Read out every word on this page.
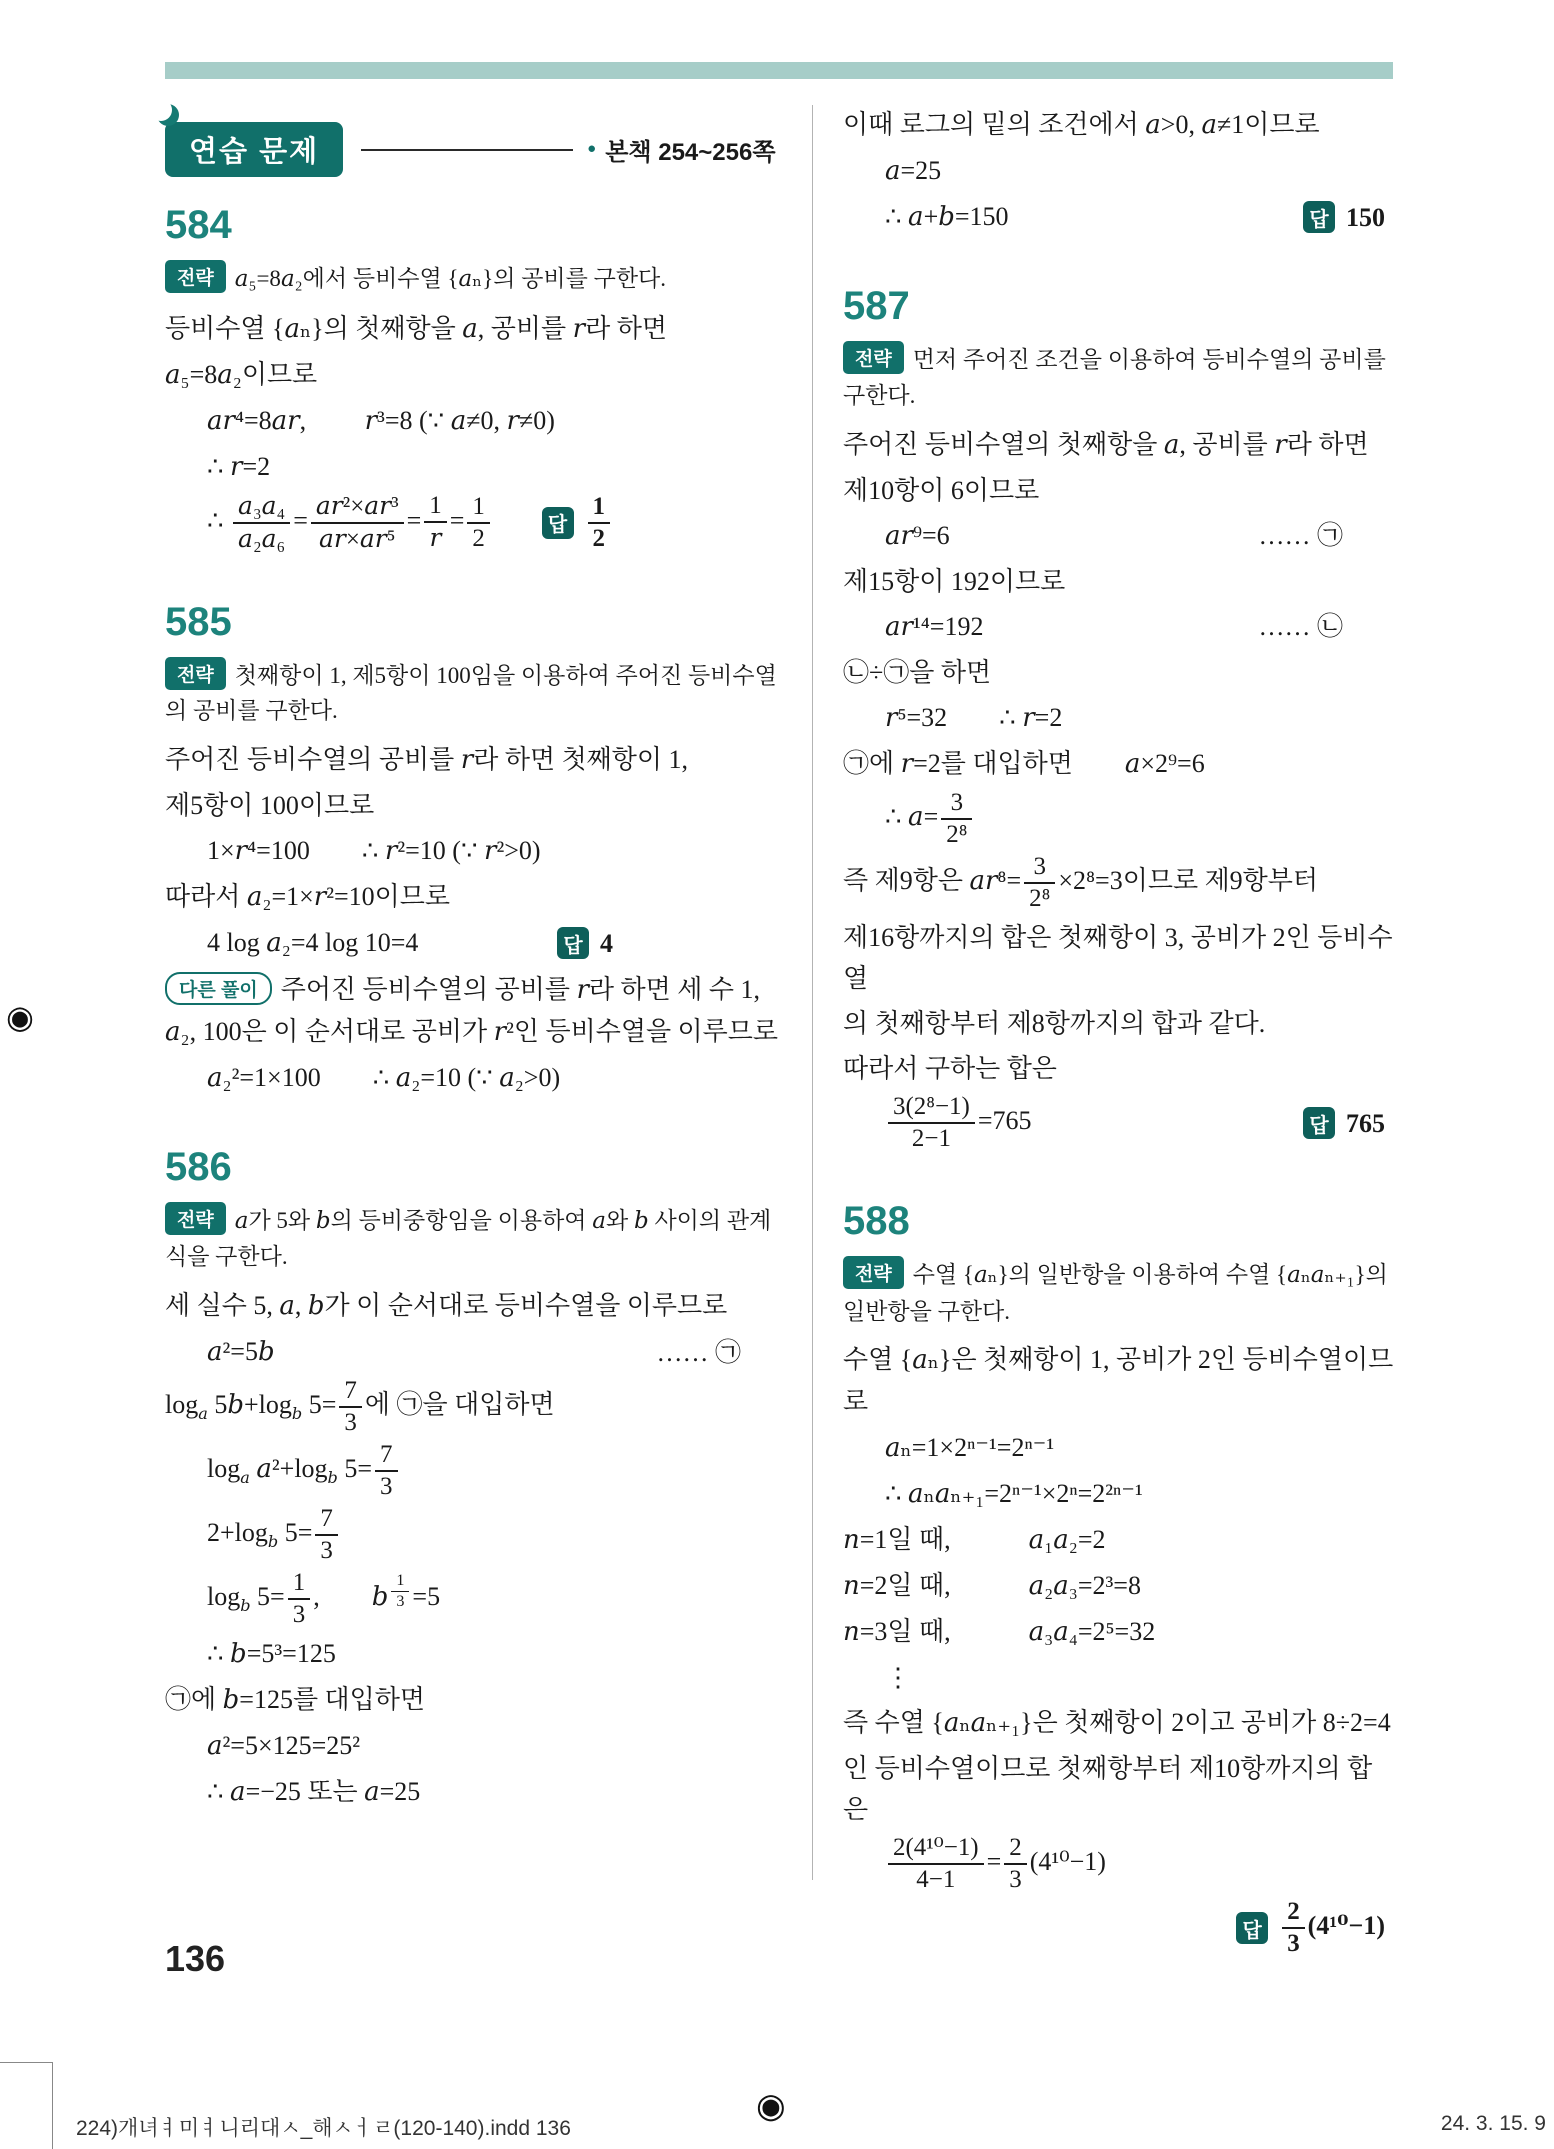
연습 문제	● 본책 254~256쪽
584

전략 a₅=8a₂에서 등비수열 {aₙ}의 공비를 구한다.

등비수열 {aₙ}의 첫째항을 a, 공비를 r라 하면
a₅=8a₂이므로
ar⁴=8ar,   r³=8 (∵ a≠0, r≠0)
∴ r=2
∴ $\frac{\text{a₃a₄}}{\text{a₂a₆}} = \frac{\text{ar²×ar³}}{\text{ar×ar⁵}} = \frac{1}{r} = \frac{1}{2}$	답 $\frac{1}{2}$
585

전략 첫째항이 1, 제5항이 100임을 이용하여 주어진 등비수열의 공비를 구한다.

주어진 등비수열의 공비를 r라 하면 첫째항이 1,
제5항이 100이므로
1×r⁴=100  ∴ r²=10 (∵ r²>0)
따라서 a₂=1×r²=10이므로
4 log a₂=4 log 10=4	답 4
다른 풀이 주어진 등비수열의 공비를 r라 하면 세 수 1, a₂, 100은 이 순서대로 공비가 r²인 등비수열을 이루므로
a₂²=1×100  ∴ a₂=10 (∵ a₂>0)
586

전략 a가 5와 b의 등비중항임을 이용하여 a와 b 사이의 관계식을 구한다.

세 실수 5, a, b가 이 순서대로 등비수열을 이루므로
a²=5b	…… ㉠
$\log_a 5b+\log_b$ $5= \frac{7}{3}$ 에 ㉠을 대입하면
$\log_a a^2+\log_b$ $5= \frac{7}{3}$
$2+\log_b$ $5= \frac{7}{3}$
$\log_b 5= \frac{1}{3}$ ,  b $^{\frac{1}{3}}$ =5
∴ b=5³=125
㉠에 b=125를 대입하면
a²=5×125=25²
∴ a=−25 또는 a=25
이때 로그의 밑의 조건에서 a>0, a≠1이므로
a=25
∴ a+b=150	답 150
587

전략 먼저 주어진 조건을 이용하여 등비수열의 공비를 구한다.

주어진 등비수열의 첫째항을 a, 공비를 r라 하면
제10항이 6이므로
ar⁹=6	…… ㉠
제15항이 192이므로
ar¹⁴=192	…… ㉡
㉡÷㉠을 하면
r⁵=32  ∴ r=2
㉠에 r=2를 대입하면  a×2⁹=6
∴ $a= \frac{3}{\text{2⁸}}$
즉 제9항은 $ar^8= \frac{3}{\text{2⁸}} \times 2^8=3$이므로 제9항부터
제16항까지의 합은 첫째항이 3, 공비가 2인 등비수열
의 첫째항부터 제8항까지의 합과 같다.
따라서 구하는 합은
$\frac{\text{3(2⁸−1)}}{2-1} =765$	답 765
588

전략 수열 {aₙ}의 일반항을 이용하여 수열 {aₙaₙ₊₁}의 일반항을 구한다.

수열 {aₙ}은 첫째항이 1, 공비가 2인 등비수열이므로
aₙ=1×2ⁿ⁻¹=2ⁿ⁻¹
∴ aₙaₙ₊₁=2ⁿ⁻¹×2ⁿ=2²ⁿ⁻¹
n=1일 때,   a₁a₂=2
n=2일 때,   a₂a₃=2³=8
n=3일 때,   a₃a₄=2⁵=32
⋮
즉 수열 {aₙaₙ₊₁}은 첫째항이 2이고 공비가 8÷2=4
인 등비수열이므로 첫째항부터 제10항까지의 합은
$\frac{\text{2(4¹⁰−1)}}{4-1} = \frac{2}{3} (4^{10}-1)$
답 $\frac{2}{3} (4^{10}-1)$
136
◉
◉
224)개녀ㅕ미ㅕ니리대ㅅ_해ㅅㅓㄹ(120-140).indd 136	24. 3. 15. 9
